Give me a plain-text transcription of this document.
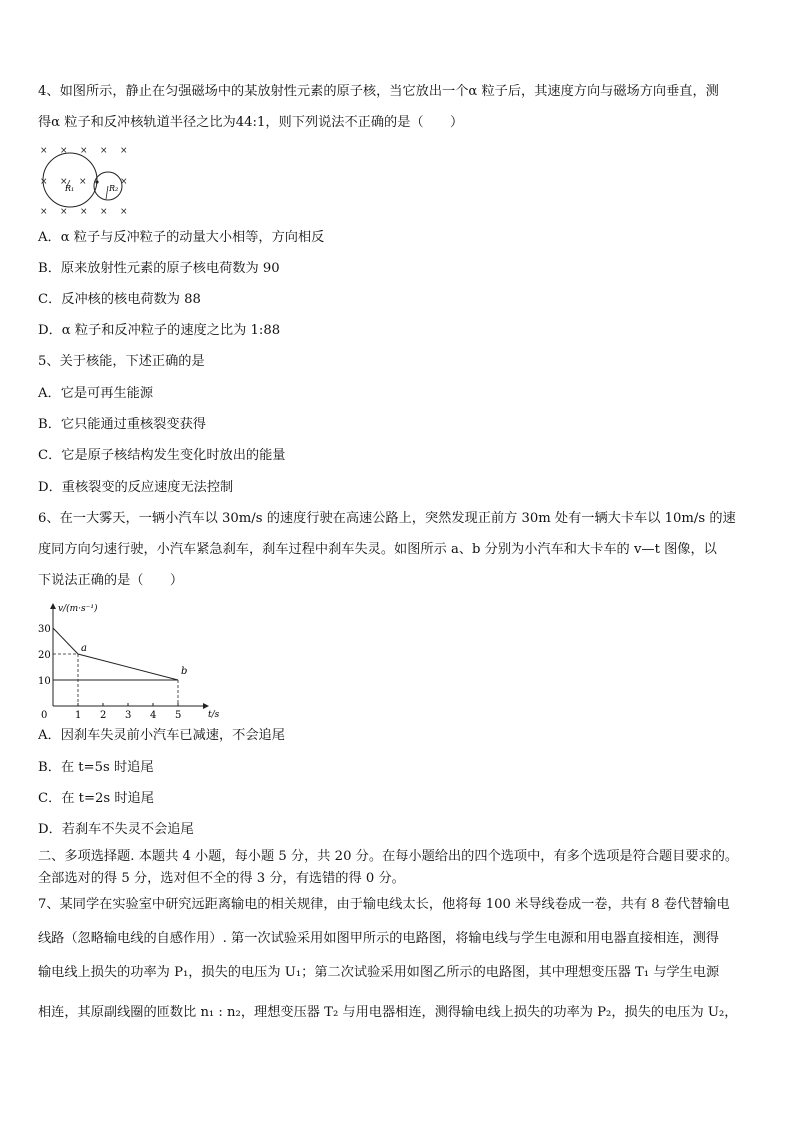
4、如图所示，静止在匀强磁场中的某放射性元素的原子核，当它放出一个α 粒子后，其速度方向与磁场方向垂直，测
得α 粒子和反冲核轨道半径之比为44:1，则下列说法不正确的是（　　）
× × × × ×
× × ×	×
× × × × ×
R₁	R₂
A．α 粒子与反冲粒子的动量大小相等，方向相反
B．原来放射性元素的原子核电荷数为 90
C．反冲核的核电荷数为 88
D．α 粒子和反冲粒子的速度之比为 1:88
5、关于核能，下述正确的是
A．它是可再生能源
B．它只能通过重核裂变获得
C．它是原子核结构发生变化时放出的能量
D．重核裂变的反应速度无法控制
6、在一大雾天，一辆小汽车以 30m/s 的速度行驶在高速公路上，突然发现正前方 30m 处有一辆大卡车以 10m/s 的速
度同方向匀速行驶，小汽车紧急刹车，刹车过程中刹车失灵。如图所示 a、b 分别为小汽车和大卡车的 v—t 图像，以
下说法正确的是（　　）
0	1 2 3 4 5
10
20
30
a
b
v/(m·s⁻¹)
t/s
A．因刹车失灵前小汽车已减速，不会追尾
B．在 t=5s 时追尾
C．在 t=2s 时追尾
D．若刹车不失灵不会追尾
二、多项选择题. 本题共 4 小题，每小题 5 分，共 20 分。在每小题给出的四个选项中，有多个选项是符合题目要求的。
全部选对的得 5 分，选对但不全的得 3 分，有选错的得 0 分。
7、某同学在实验室中研究远距离输电的相关规律，由于输电线太长，他将每 100 米导线卷成一卷，共有 8 卷代替输电
线路（忽略输电线的自感作用）. 第一次试验采用如图甲所示的电路图，将输电线与学生电源和用电器直接相连，测得
输电线上损失的功率为 P₁，损失的电压为 U₁；第二次试验采用如图乙所示的电路图，其中理想变压器 T₁ 与学生电源
相连，其原副线圈的匝数比 n₁ : n₂，理想变压器 T₂ 与用电器相连，测得输电线上损失的功率为 P₂，损失的电压为 U₂，
